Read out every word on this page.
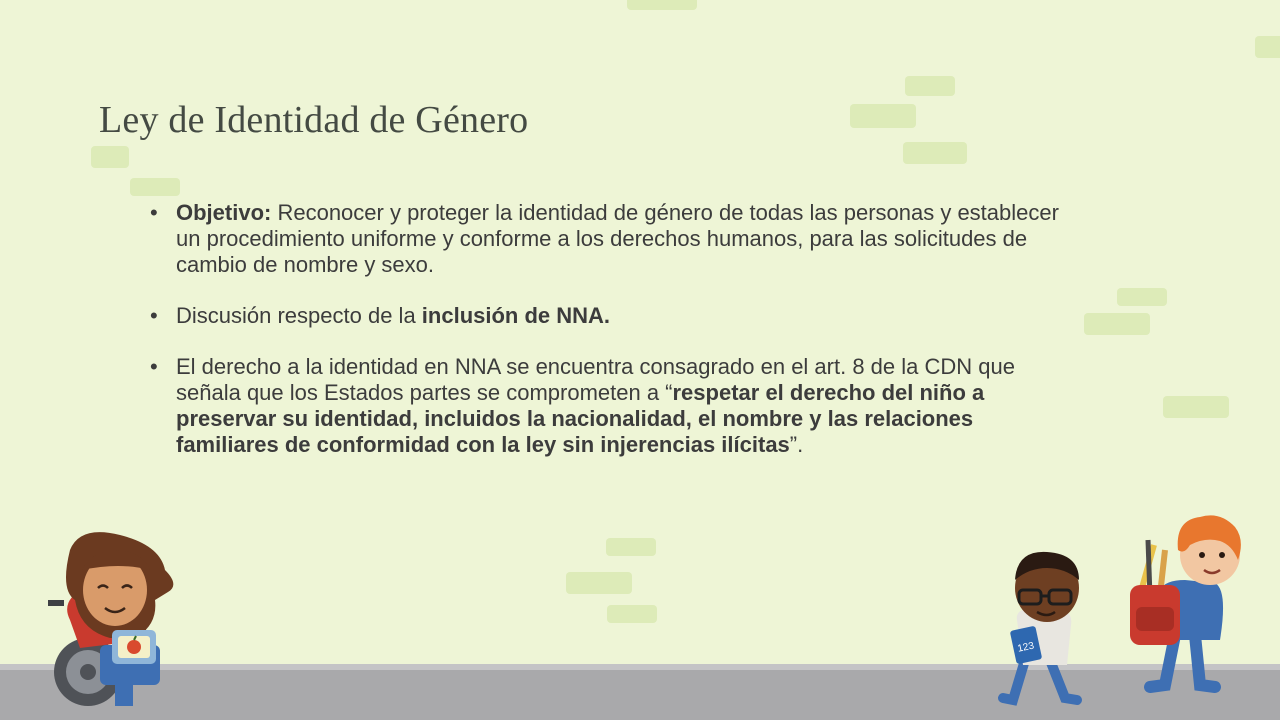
Ley de Identidad de Género
• Objetivo: Reconocer y proteger la identidad de género de todas las personas y establecer un procedimiento uniforme y conforme a los derechos humanos, para las solicitudes de cambio de nombre y sexo.
• Discusión respecto de la inclusión de NNA.
• El derecho a la identidad en NNA se encuentra consagrado en el art. 8 de la CDN que señala que los Estados partes se comprometen a “respetar el derecho del niño a preservar su identidad, incluidos la nacionalidad, el nombre y las relaciones familiares de conformidad con la ley sin injerencias ilícitas”.
123
